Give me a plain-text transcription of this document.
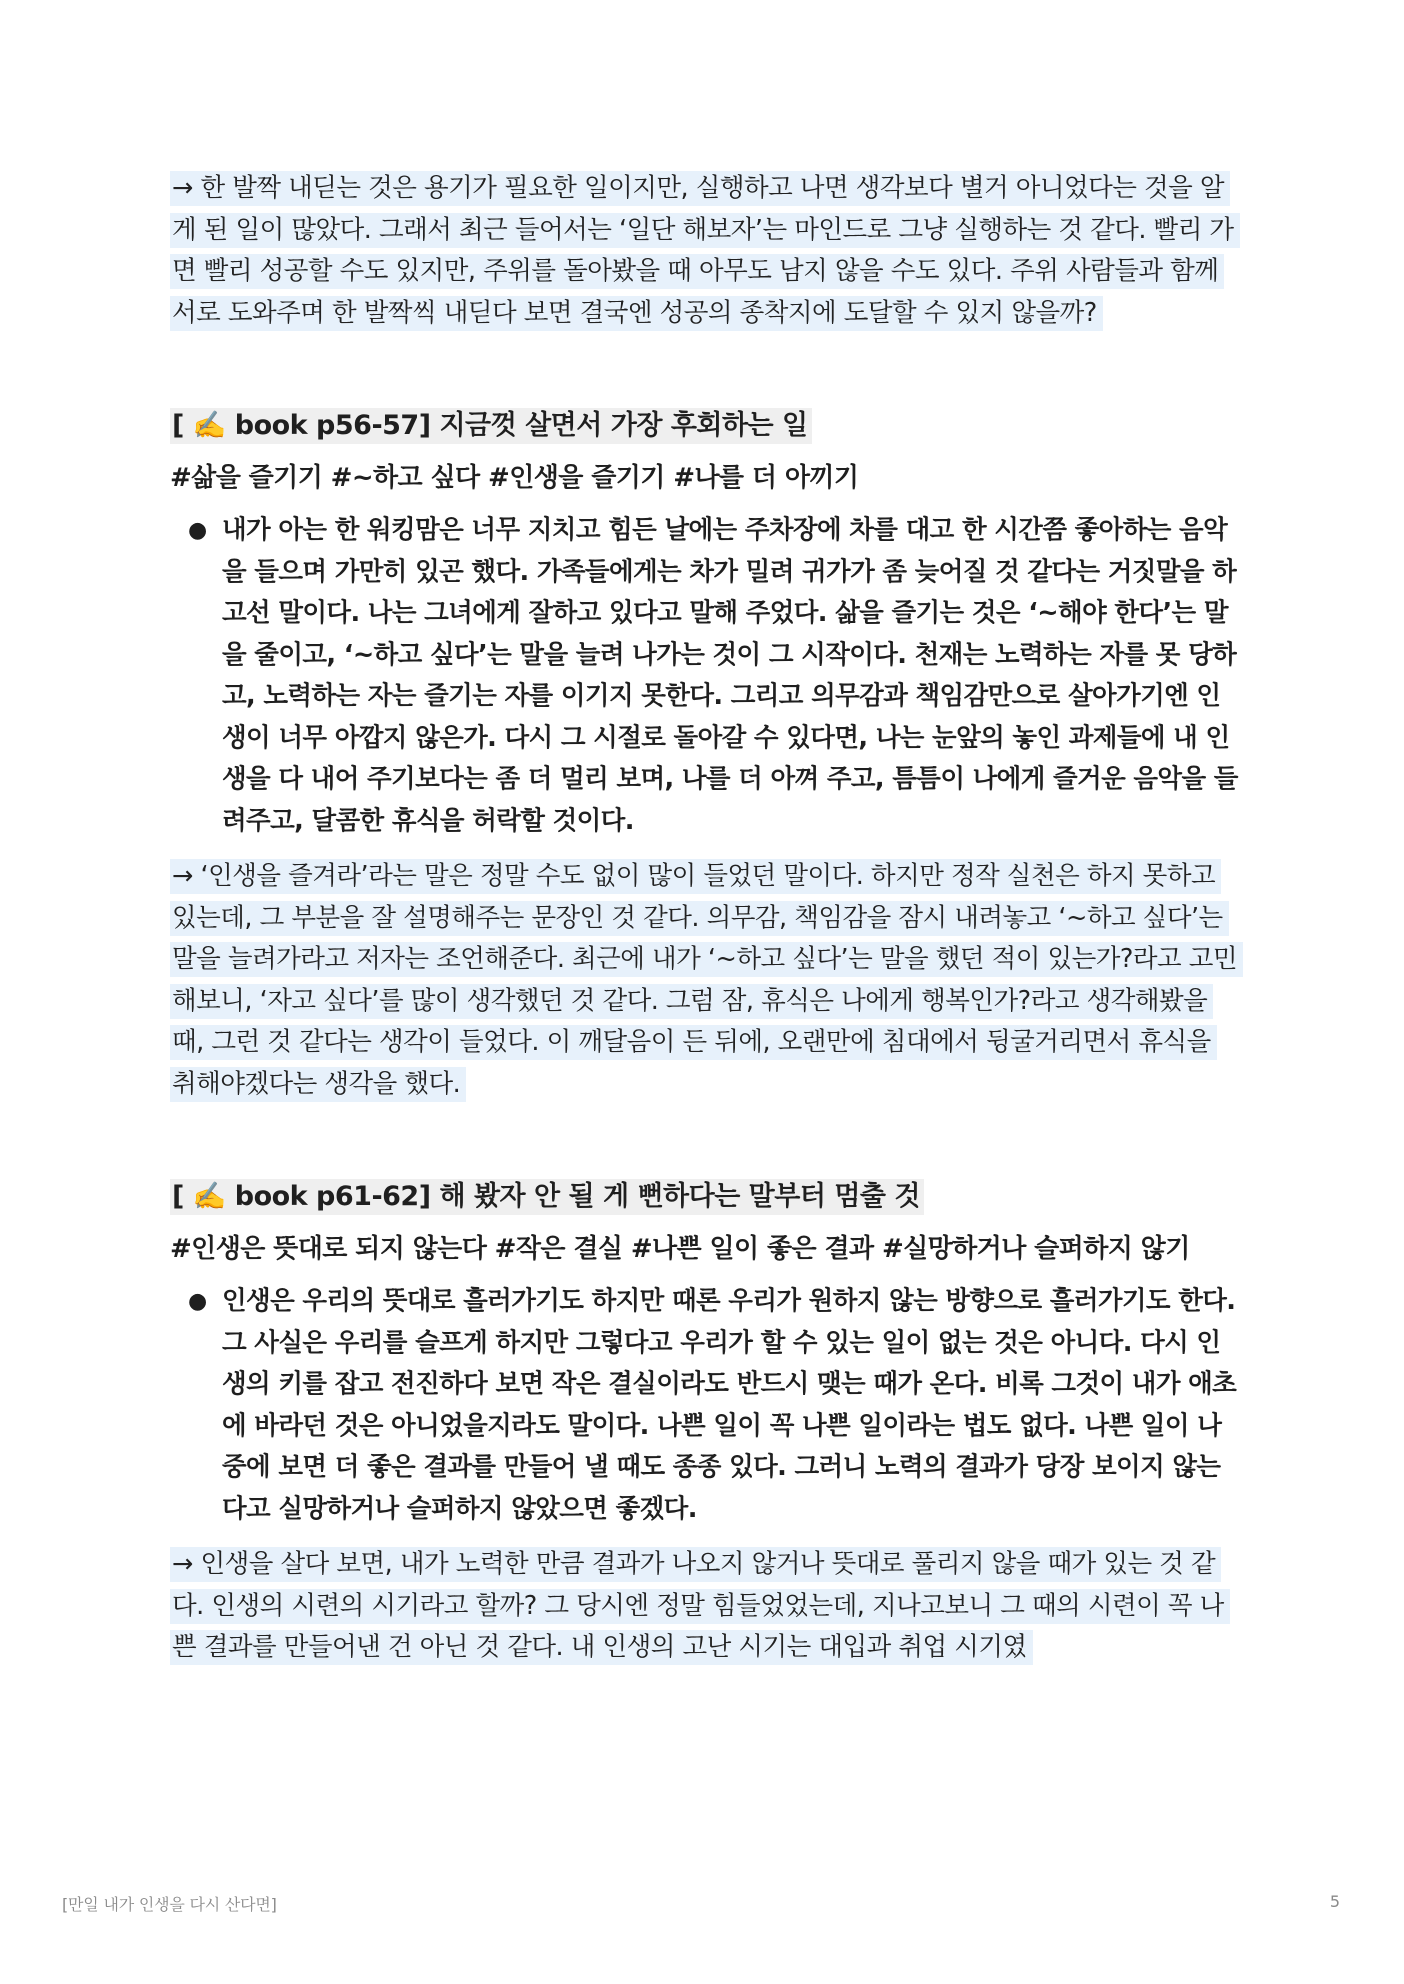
→ 한 발짝 내딛는 것은 용기가 필요한 일이지만, 실행하고 나면 생각보다 별거 아니었다는 것을 알게 된 일이 많았다. 그래서 최근 들어서는 ‘일단 해보자’는 마인드로 그냥 실행하는 것 같다. 빨리 가면 빨리 성공할 수도 있지만, 주위를 돌아봤을 때 아무도 남지 않을 수도 있다. 주위 사람들과 함께 서로 도와주며 한 발짝씩 내딛다 보면 결국엔 성공의 종착지에 도달할 수 있지 않을까?

[ ✍️ book p56-57] 지금껏 살면서 가장 후회하는 일

#삶을 즐기기 #~하고 싶다 #인생을 즐기기 #나를 더 아끼기

● 내가 아는 한 워킹맘은 너무 지치고 힘든 날에는 주차장에 차를 대고 한 시간쯤 좋아하는 음악을 들으며 가만히 있곤 했다. 가족들에게는 차가 밀려 귀가가 좀 늦어질 것 같다는 거짓말을 하고선 말이다. 나는 그녀에게 잘하고 있다고 말해 주었다. 삶을 즐기는 것은 ‘~해야 한다’는 말을 줄이고, ‘~하고 싶다’는 말을 늘려 나가는 것이 그 시작이다. 천재는 노력하는 자를 못 당하고, 노력하는 자는 즐기는 자를 이기지 못한다. 그리고 의무감과 책임감만으로 살아가기엔 인생이 너무 아깝지 않은가. 다시 그 시절로 돌아갈 수 있다면, 나는 눈앞의 놓인 과제들에 내 인생을 다 내어 주기보다는 좀 더 멀리 보며, 나를 더 아껴 주고, 틈틈이 나에게 즐거운 음악을 들려주고, 달콤한 휴식을 허락할 것이다.

→ ‘인생을 즐겨라’라는 말은 정말 수도 없이 많이 들었던 말이다. 하지만 정작 실천은 하지 못하고 있는데, 그 부분을 잘 설명해주는 문장인 것 같다. 의무감, 책임감을 잠시 내려놓고 ‘~하고 싶다’는 말을 늘려가라고 저자는 조언해준다. 최근에 내가 ‘~하고 싶다’는 말을 했던 적이 있는가?라고 고민해보니, ‘자고 싶다’를 많이 생각했던 것 같다. 그럼 잠, 휴식은 나에게 행복인가?라고 생각해봤을 때, 그런 것 같다는 생각이 들었다. 이 깨달음이 든 뒤에, 오랜만에 침대에서 뒹굴거리면서 휴식을 취해야겠다는 생각을 했다.

[ ✍️ book p61-62] 해 봤자 안 될 게 뻔하다는 말부터 멈출 것

#인생은 뜻대로 되지 않는다 #작은 결실 #나쁜 일이 좋은 결과 #실망하거나 슬퍼하지 않기

● 인생은 우리의 뜻대로 흘러가기도 하지만 때론 우리가 원하지 않는 방향으로 흘러가기도 한다. 그 사실은 우리를 슬프게 하지만 그렇다고 우리가 할 수 있는 일이 없는 것은 아니다. 다시 인생의 키를 잡고 전진하다 보면 작은 결실이라도 반드시 맺는 때가 온다. 비록 그것이 내가 애초에 바라던 것은 아니었을지라도 말이다. 나쁜 일이 꼭 나쁜 일이라는 법도 없다. 나쁜 일이 나중에 보면 더 좋은 결과를 만들어 낼 때도 종종 있다. 그러니 노력의 결과가 당장 보이지 않는다고 실망하거나 슬퍼하지 않았으면 좋겠다.

→ 인생을 살다 보면, 내가 노력한 만큼 결과가 나오지 않거나 뜻대로 풀리지 않을 때가 있는 것 같다. 인생의 시련의 시기라고 할까? 그 당시엔 정말 힘들었었는데, 지나고보니 그 때의 시련이 꼭 나쁜 결과를 만들어낸 건 아닌 것 같다. 내 인생의 고난 시기는 대입과 취업 시기였

[만일 내가 인생을 다시 산다면]	5
